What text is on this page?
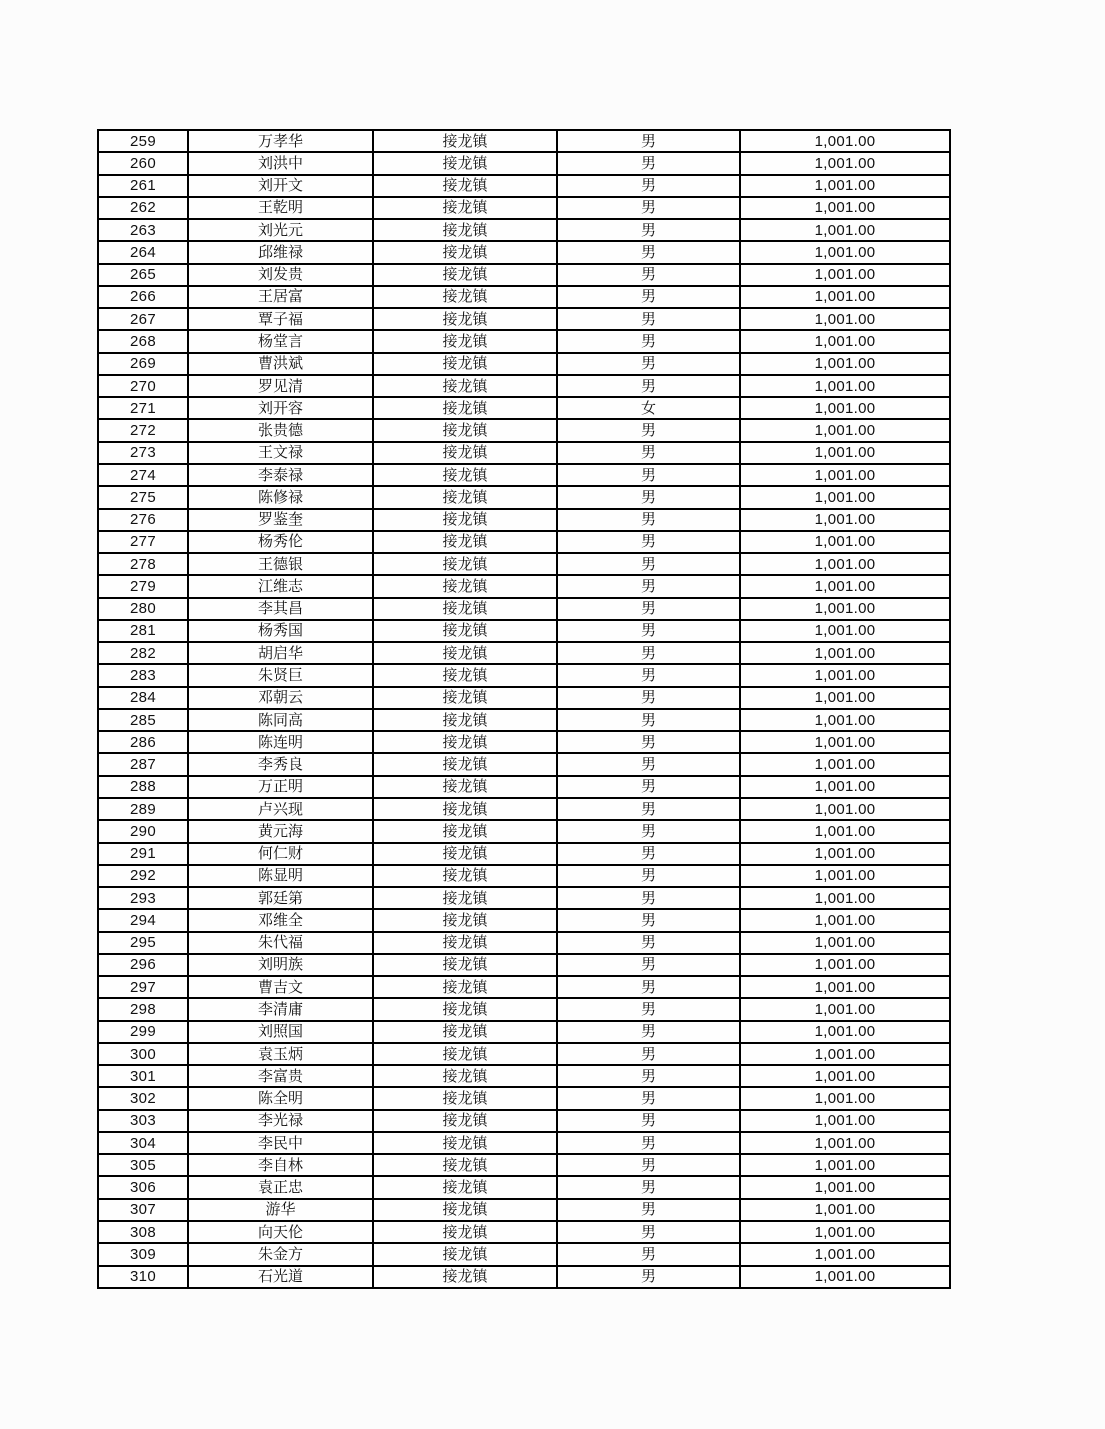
259	万孝华	接龙镇	男	1,001.00
260	刘洪中	接龙镇	男	1,001.00
261	刘开文	接龙镇	男	1,001.00
262	王乾明	接龙镇	男	1,001.00
263	刘光元	接龙镇	男	1,001.00
264	邱维禄	接龙镇	男	1,001.00
265	刘发贵	接龙镇	男	1,001.00
266	王居富	接龙镇	男	1,001.00
267	覃子福	接龙镇	男	1,001.00
268	杨堂言	接龙镇	男	1,001.00
269	曹洪斌	接龙镇	男	1,001.00
270	罗见清	接龙镇	男	1,001.00
271	刘开容	接龙镇	女	1,001.00
272	张贵德	接龙镇	男	1,001.00
273	王文禄	接龙镇	男	1,001.00
274	李泰禄	接龙镇	男	1,001.00
275	陈修禄	接龙镇	男	1,001.00
276	罗鉴奎	接龙镇	男	1,001.00
277	杨秀伦	接龙镇	男	1,001.00
278	王德银	接龙镇	男	1,001.00
279	江维志	接龙镇	男	1,001.00
280	李其昌	接龙镇	男	1,001.00
281	杨秀国	接龙镇	男	1,001.00
282	胡启华	接龙镇	男	1,001.00
283	朱贤巨	接龙镇	男	1,001.00
284	邓朝云	接龙镇	男	1,001.00
285	陈同高	接龙镇	男	1,001.00
286	陈连明	接龙镇	男	1,001.00
287	李秀良	接龙镇	男	1,001.00
288	万正明	接龙镇	男	1,001.00
289	卢兴现	接龙镇	男	1,001.00
290	黄元海	接龙镇	男	1,001.00
291	何仁财	接龙镇	男	1,001.00
292	陈显明	接龙镇	男	1,001.00
293	郭廷第	接龙镇	男	1,001.00
294	邓维全	接龙镇	男	1,001.00
295	朱代福	接龙镇	男	1,001.00
296	刘明族	接龙镇	男	1,001.00
297	曹吉文	接龙镇	男	1,001.00
298	李清庸	接龙镇	男	1,001.00
299	刘照国	接龙镇	男	1,001.00
300	袁玉炳	接龙镇	男	1,001.00
301	李富贵	接龙镇	男	1,001.00
302	陈全明	接龙镇	男	1,001.00
303	李光禄	接龙镇	男	1,001.00
304	李民中	接龙镇	男	1,001.00
305	李自林	接龙镇	男	1,001.00
306	袁正忠	接龙镇	男	1,001.00
307	游华	接龙镇	男	1,001.00
308	向天伦	接龙镇	男	1,001.00
309	朱金方	接龙镇	男	1,001.00
310	石光道	接龙镇	男	1,001.00
